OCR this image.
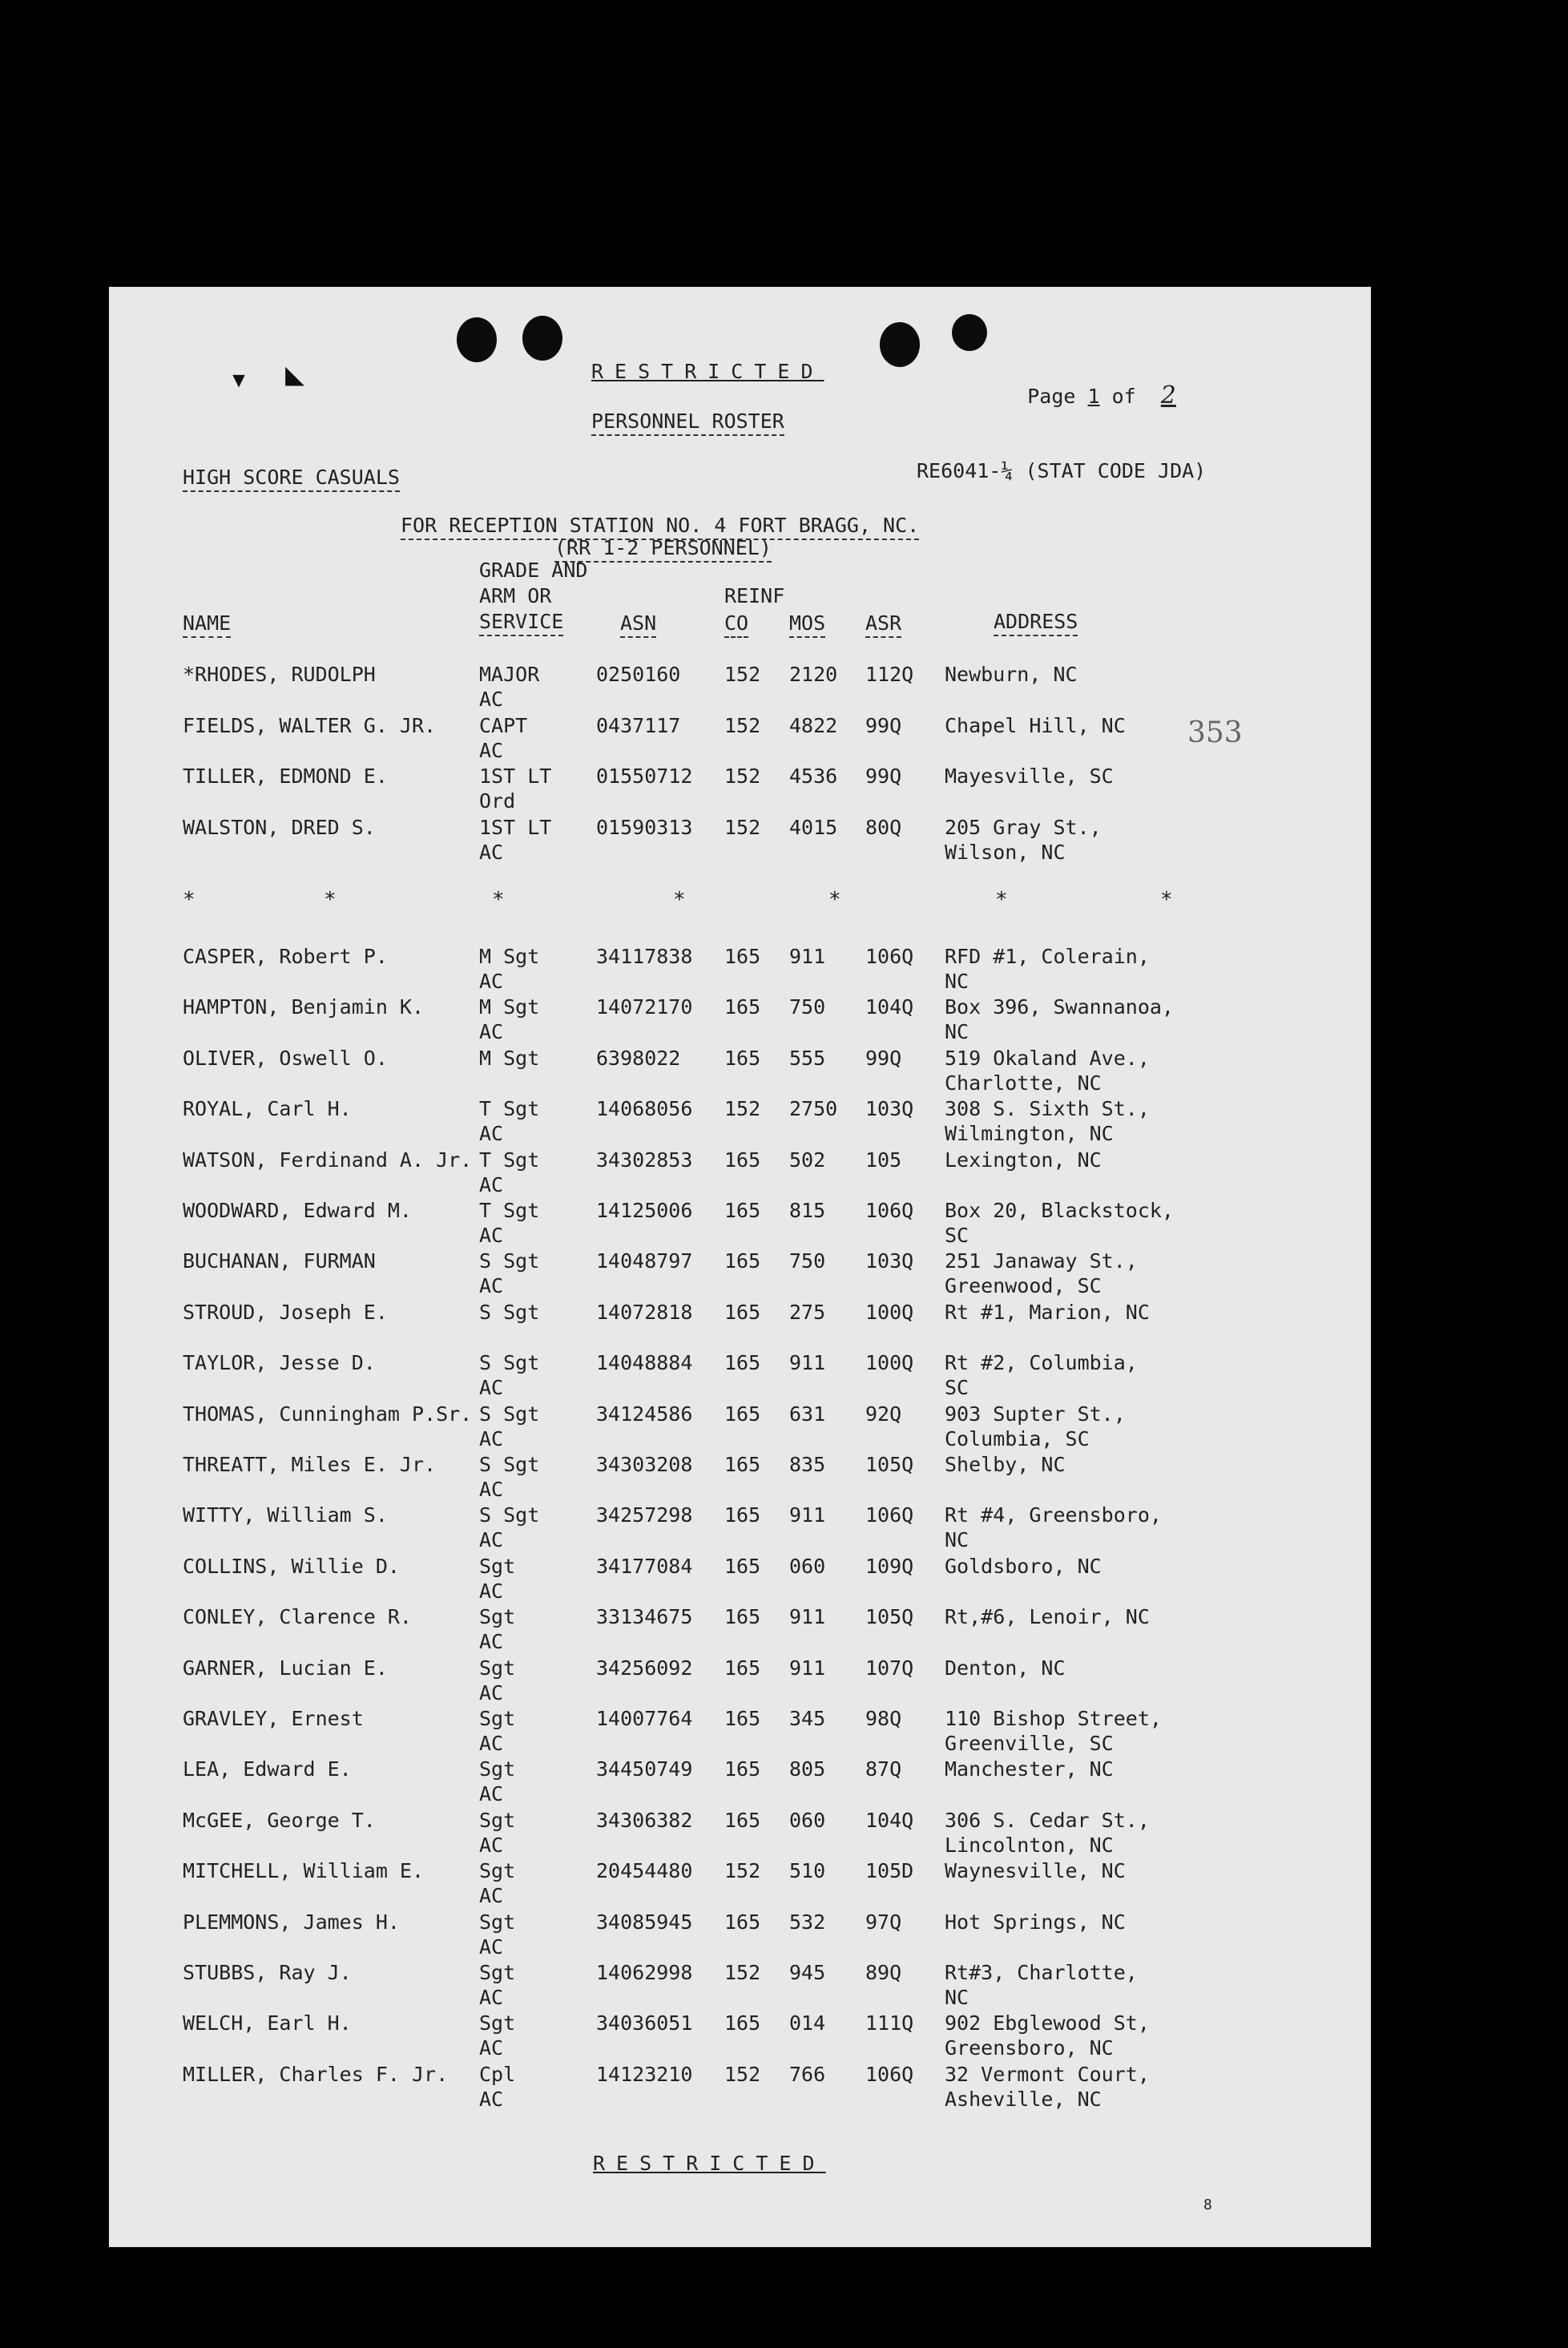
▾ ◣	RESTRICTED

Page 1 of 2

PERSONNEL ROSTER
HIGH SCORE CASUALS	RE6041-¼ (STAT CODE JDA)
FOR RECEPTION STATION NO. 4 FORT BRAGG, NC.
(RR 1-2 PERSONNEL)
353
GRADE AND
ARM OR
SERVICE
REINF
NAME	ASN	CO MOS ASR	ADDRESS
*RHODES, RUDOLPH	MAJOR	0250160 152 2120 112Q Newburn, NC
AC
FIELDS, WALTER G. JR. CAPT	0437117 152 4822 99Q Chapel Hill, NC
AC
TILLER, EDMOND E.	1ST LT 01550712 152 4536 99Q Mayesville, SC
Ord
WALSTON, DRED S.	1ST LT 01590313 152 4015 80Q 205 Gray St.,
AC	Wilson, NC
*	*	*	*	*	*	*
CASPER, Robert P.	M Sgt	34117838 165 911 106Q RFD #1, Colerain,
AC	NC
HAMPTON, Benjamin K.	M Sgt	14072170 165 750 104Q Box 396, Swannanoa,
AC	NC
OLIVER, Oswell O.	M Sgt	6398022 165 555 99Q 519 Okaland Ave.,
Charlotte, NC
ROYAL, Carl H.	T Sgt	14068056 152 2750 103Q 308 S. Sixth St.,
AC	Wilmington, NC
WATSON, Ferdinand A. Jr. T Sgt	34302853 165 502 105 Lexington, NC
AC
WOODWARD, Edward M.	T Sgt	14125006 165 815 106Q Box 20, Blackstock,
AC	SC
BUCHANAN, FURMAN	S Sgt	14048797 165 750 103Q 251 Janaway St.,
AC	Greenwood, SC
STROUD, Joseph E.	S Sgt	14072818 165 275 100Q Rt #1, Marion, NC
TAYLOR, Jesse D.	S Sgt	14048884 165 911 100Q Rt #2, Columbia,
AC	SC
THOMAS, Cunningham P.Sr. S Sgt	34124586 165 631 92Q 903 Supter St.,
AC	Columbia, SC
THREATT, Miles E. Jr. S Sgt	34303208 165 835 105Q Shelby, NC
AC
WITTY, William S.	S Sgt	34257298 165 911 106Q Rt #4, Greensboro,
AC	NC
COLLINS, Willie D.	Sgt	34177084 165 060 109Q Goldsboro, NC
AC
CONLEY, Clarence R.	Sgt	33134675 165 911 105Q Rt,#6, Lenoir, NC
AC
GARNER, Lucian E.	Sgt	34256092 165 911 107Q Denton, NC
AC
GRAVLEY, Ernest	Sgt	14007764 165 345 98Q 110 Bishop Street,
AC	Greenville, SC
LEA, Edward E.	Sgt	34450749 165 805 87Q Manchester, NC
AC
McGEE, George T.	Sgt	34306382 165 060 104Q 306 S. Cedar St.,
AC	Lincolnton, NC
MITCHELL, William E.	Sgt	20454480 152 510 105D Waynesville, NC
AC
PLEMMONS, James H.	Sgt	34085945 165 532 97Q Hot Springs, NC
AC
STUBBS, Ray J.	Sgt	14062998 152 945 89Q Rt#3, Charlotte,
AC	NC
WELCH, Earl H.	Sgt	34036051 165 014 111Q 902 Ebglewood St,
AC	Greensboro, NC
MILLER, Charles F. Jr. Cpl	14123210 152 766 106Q 32 Vermont Court,
AC	Asheville, NC
RESTRICTED
8
